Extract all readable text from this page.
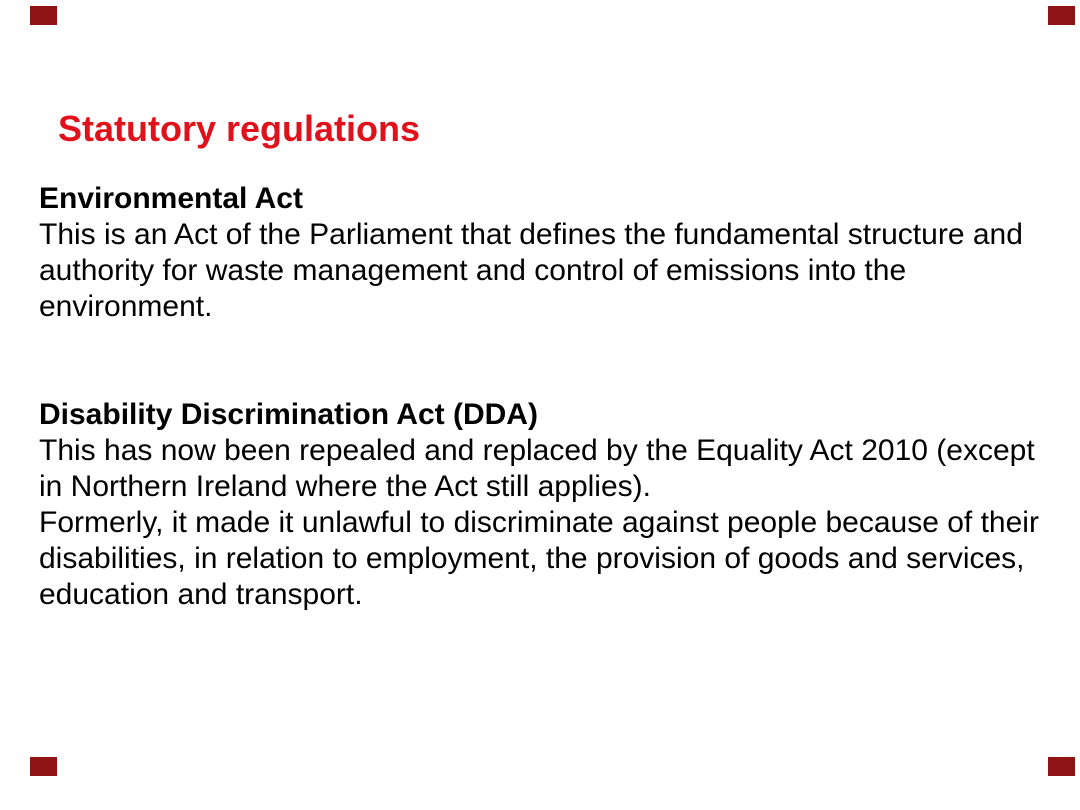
Statutory regulations
Environmental Act
This is an Act of the Parliament that defines the fundamental structure and
authority for waste management and control of emissions into the
environment.
Disability Discrimination Act (DDA)
This has now been repealed and replaced by the Equality Act 2010 (except
in Northern Ireland where the Act still applies).
Formerly, it made it unlawful to discriminate against people because of their
disabilities, in relation to employment, the provision of goods and services,
education and transport.
